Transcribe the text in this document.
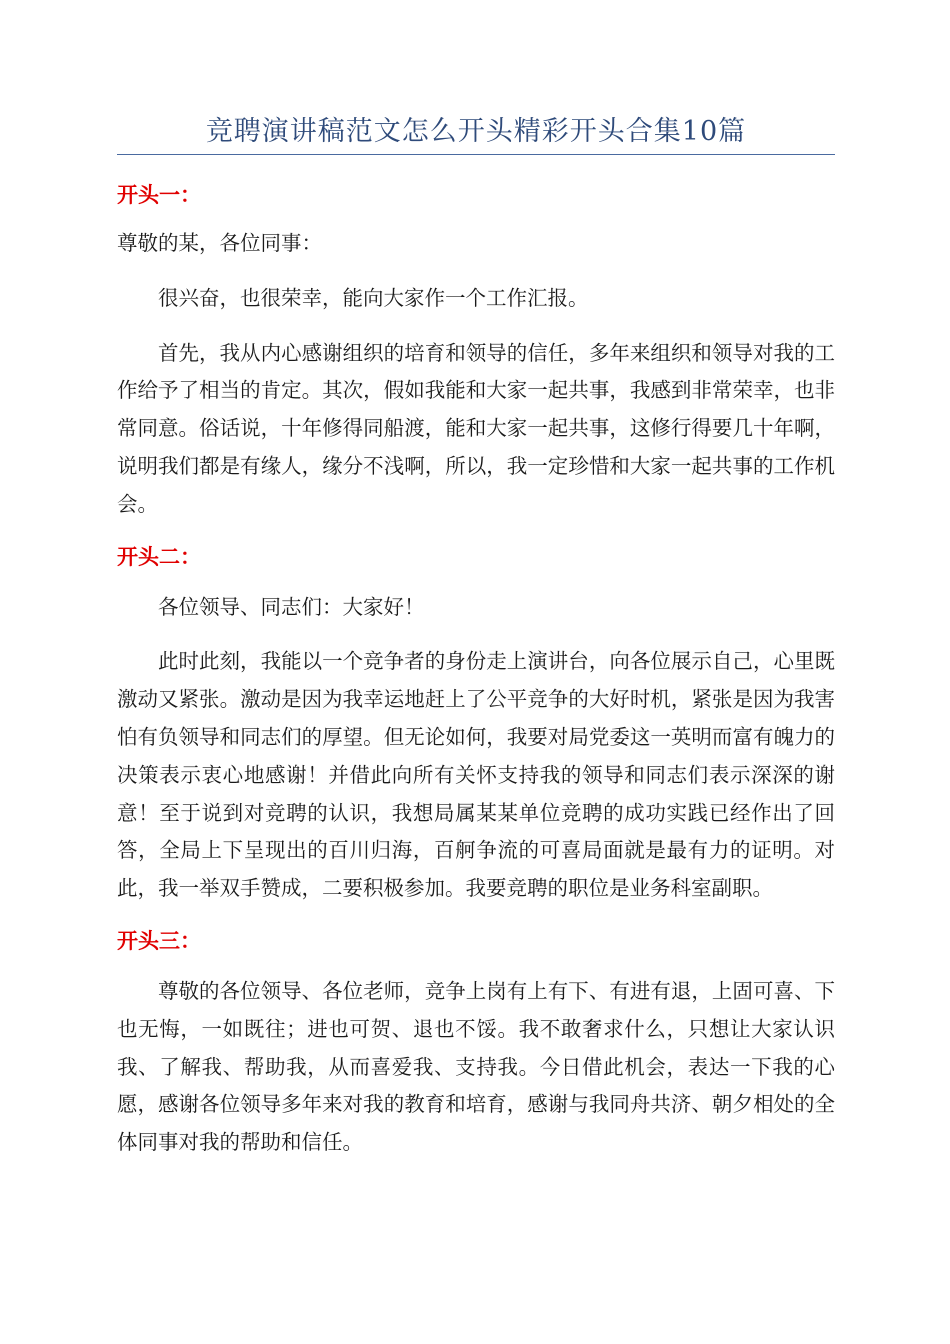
竞聘演讲稿范文怎么开头精彩开头合集10篇
开头一：

尊敬的某，各位同事：

很兴奋，也很荣幸，能向大家作一个工作汇报。

首先，我从内心感谢组织的培育和领导的信任，多年来组织和领导对我的工作给予了相当的肯定。其次，假如我能和大家一起共事，我感到非常荣幸，也非常同意。俗话说，十年修得同船渡，能和大家一起共事，这修行得要几十年啊，说明我们都是有缘人，缘分不浅啊，所以，我一定珍惜和大家一起共事的工作机会。

开头二：

各位领导、同志们：大家好！

此时此刻，我能以一个竞争者的身份走上演讲台，向各位展示自己，心里既激动又紧张。激动是因为我幸运地赶上了公平竞争的大好时机，紧张是因为我害怕有负领导和同志们的厚望。但无论如何，我要对局党委这一英明而富有魄力的决策表示衷心地感谢！并借此向所有关怀支持我的领导和同志们表示深深的谢意！至于说到对竞聘的认识，我想局属某某单位竞聘的成功实践已经作出了回答，全局上下呈现出的百川归海，百舸争流的可喜局面就是最有力的证明。对此，我一举双手赞成，二要积极参加。我要竞聘的职位是业务科室副职。

开头三：

尊敬的各位领导、各位老师，竞争上岗有上有下、有进有退，上固可喜、下也无悔，一如既往；进也可贺、退也不馁。我不敢奢求什么，只想让大家认识我、了解我、帮助我，从而喜爱我、支持我。今日借此机会，表达一下我的心愿，感谢各位领导多年来对我的教育和培育，感谢与我同舟共济、朝夕相处的全体同事对我的帮助和信任。
